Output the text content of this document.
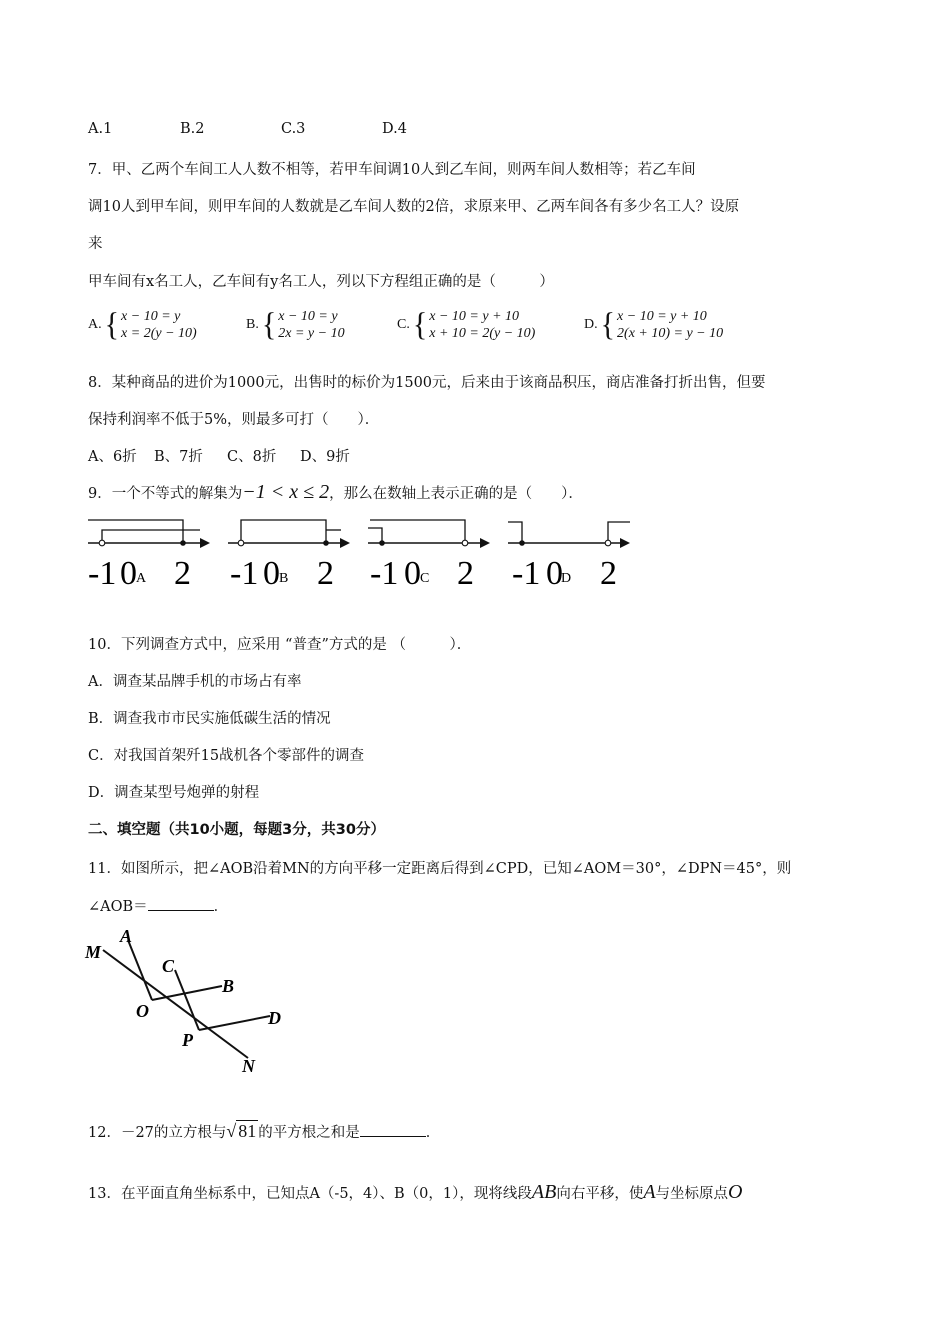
A.1	B.2	C.3	D.4
7．甲、乙两个车间工人人数不相等，若甲车间调10人到乙车间，则两车间人数相等；若乙车间
调10人到甲车间，则甲车间的人数就是乙车间人数的2倍，求原来甲、乙两车间各有多少名工人？设原
来
甲车间有x名工人，乙车间有y名工人，列以下方程组正确的是（　　　）
A. { x − 10 = y
x = 2(y − 10)
B. { x − 10 = y
2x = y − 10
C. { x − 10 = y + 10
x + 10 = 2(y − 10)
D. { x − 10 = y + 10
2(x + 10) = y − 10
8．某种商品的进价为1000元，出售时的标价为1500元，后来由于该商品积压，商店准备打折出售，但要
保持利润率不低于5%，则最多可打（　　）．
A、6折 B、7折 C、8折 D、9折
9．一个不等式的解集为−1 < x ≤ 2，那么在数轴上表示正确的是（　　）．
-1 0 A 2 -1 0 B 2 -1 0 C 2 -1 0
D 2
10．下列调查方式中，应采用 “普查”方式的是 （　　　）．
A．调查某品牌手机的市场占有率
B．调查我市市民实施低碳生活的情况
C．对我国首架歼15战机各个零部件的调查
D．调查某型号炮弹的射程
二、填空题（共10小题，每题3分，共30分）
11．如图所示，把∠AOB沿着MN的方向平移一定距离后得到∠CPD，已知∠AOM＝30°，∠DPN＝45°，则
∠AOB＝	．
M
A
C
B
O
P
D
N
12．－27的立方根与√ 81 的平方根之和是	．
13．在平面直角坐标系中，已知点A（-5，4）、B（0，1），现将线段AB向右平移，使A与坐标原点O
